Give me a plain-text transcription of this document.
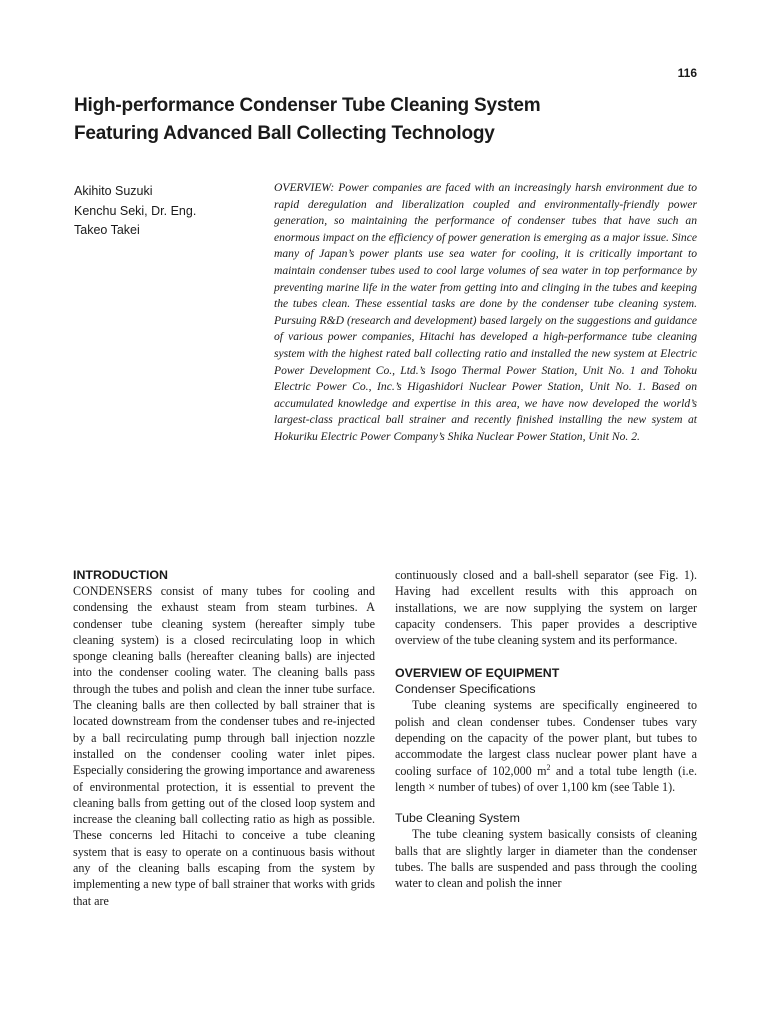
116
High-performance Condenser Tube Cleaning System
Featuring Advanced Ball Collecting Technology
Akihito Suzuki
Kenchu Seki, Dr. Eng.
Takeo Takei

OVERVIEW: Power companies are faced with an increasingly harsh environment due to rapid deregulation and liberalization coupled and environmentally-friendly power generation, so maintaining the performance of condenser tubes that have such an enormous impact on the efficiency of power generation is emerging as a major issue. Since many of Japan’s power plants use sea water for cooling, it is critically important to maintain condenser tubes used to cool large volumes of sea water in top performance by preventing marine life in the water from getting into and clinging in the tubes and keeping the tubes clean. These essential tasks are done by the condenser tube cleaning system. Pursuing R&D (research and development) based largely on the suggestions and guidance of various power companies, Hitachi has developed a high-performance tube cleaning system with the highest rated ball collecting ratio and installed the new system at Electric Power Development Co., Ltd.’s Isogo Thermal Power Station, Unit No. 1 and Tohoku Electric Power Co., Inc.’s Higashidori Nuclear Power Station, Unit No. 1. Based on accumulated knowledge and expertise in this area, we have now developed the world’s largest-class practical ball strainer and recently finished installing the new system at Hokuriku Electric Power Company’s Shika Nuclear Power Station, Unit No. 2.

INTRODUCTION

CONDENSERS consist of many tubes for cooling and condensing the exhaust steam from steam turbines. A condenser tube cleaning system (hereafter simply tube cleaning system) is a closed recirculating loop in which sponge cleaning balls (hereafter cleaning balls) are injected into the condenser cooling water. The cleaning balls pass through the tubes and polish and clean the inner tube surface. The cleaning balls are then collected by ball strainer that is located downstream from the condenser tubes and re-injected by a ball recirculating pump through ball injection nozzle installed on the condenser cooling water inlet pipes. Especially considering the growing importance and awareness of environmental protection, it is essential to prevent the cleaning balls from getting out of the closed loop system and increase the cleaning ball collecting ratio as high as possible. These concerns led Hitachi to conceive a tube cleaning system that is easy to operate on a continuous basis without any of the cleaning balls escaping from the system by implementing a new type of ball strainer that works with grids that are

continuously closed and a ball-shell separator (see Fig. 1). Having had excellent results with this approach on installations, we are now supplying the system on larger capacity condensers. This paper provides a descriptive overview of the tube cleaning system and its performance.

OVERVIEW OF EQUIPMENT
Condenser Specifications

Tube cleaning systems are specifically engineered to polish and clean condenser tubes. Condenser tubes vary depending on the capacity of the power plant, but tubes to accommodate the largest class nuclear power plant have a cooling surface of 102,000 $m^2$ and a total tube length (i.e. length × number of tubes) of over 1,100 km (see Table 1).

Tube Cleaning System

The tube cleaning system basically consists of cleaning balls that are slightly larger in diameter than the condenser tubes. The balls are suspended and pass through the cooling water to clean and polish the inner
